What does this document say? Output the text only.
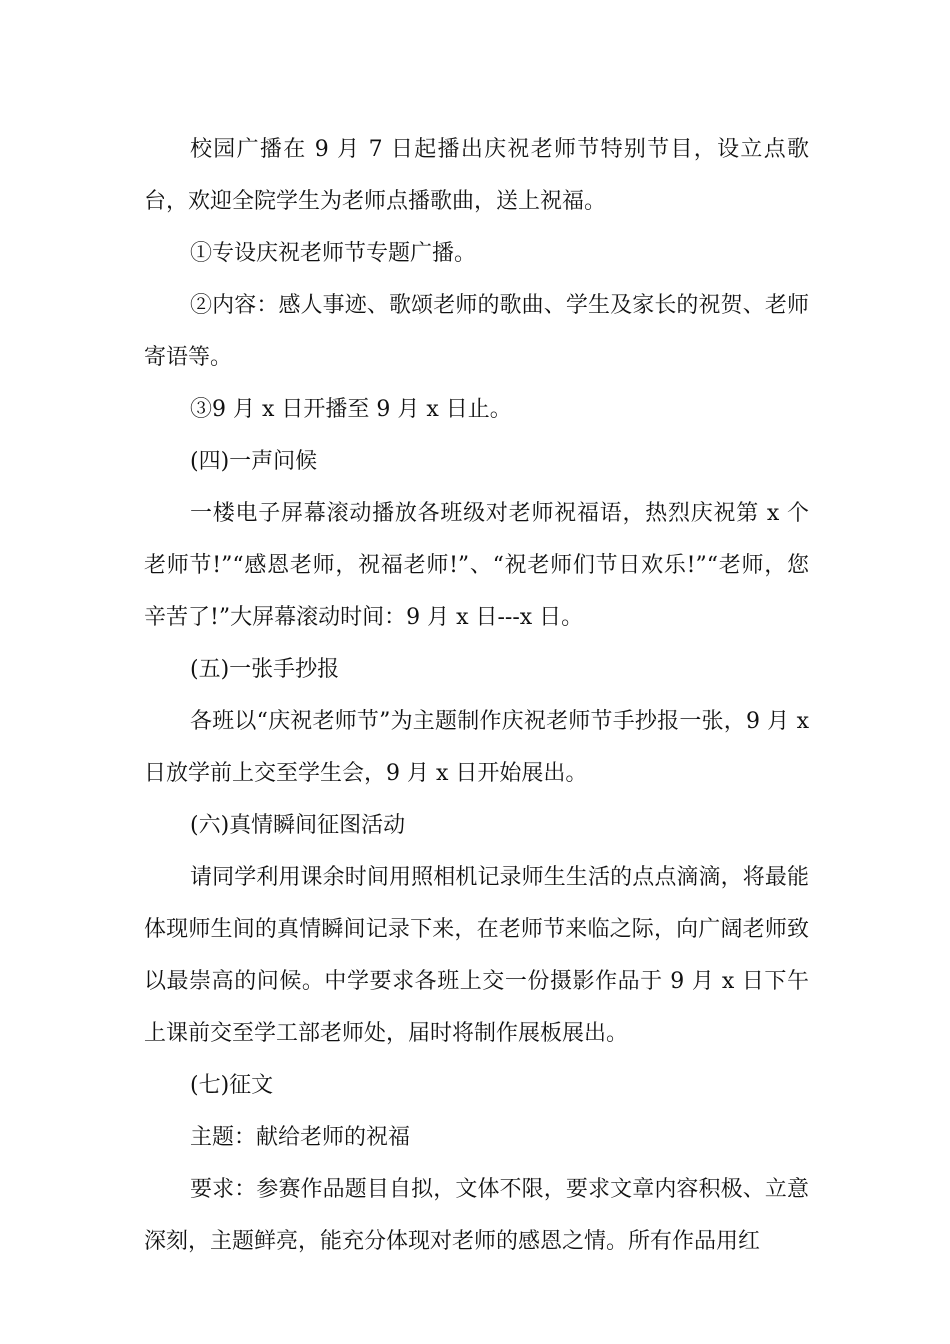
校园广播在 9 月 7 日起播出庆祝老师节特别节目，设立点歌台，欢迎全院学生为老师点播歌曲，送上祝福。

①专设庆祝老师节专题广播。

②内容：感人事迹、歌颂老师的歌曲、学生及家长的祝贺、老师寄语等。

③9 月 x 日开播至 9 月 x 日止。

(四)一声问候

一楼电子屏幕滚动播放各班级对老师祝福语，热烈庆祝第 x 个老师节!”“感恩老师，祝福老师!”、“祝老师们节日欢乐!”“老师，您辛苦了!”大屏幕滚动时间：9 月 x 日---x 日。

(五)一张手抄报

各班以“庆祝老师节”为主题制作庆祝老师节手抄报一张，9 月 x 日放学前上交至学生会，9 月 x 日开始展出。

(六)真情瞬间征图活动

请同学利用课余时间用照相机记录师生生活的点点滴滴，将最能体现师生间的真情瞬间记录下来，在老师节来临之际，向广阔老师致以最崇高的问候。中学要求各班上交一份摄影作品于 9 月 x 日下午上课前交至学工部老师处，届时将制作展板展出。

(七)征文

主题：献给老师的祝福

要求：参赛作品题目自拟，文体不限，要求文章内容积极、立意深刻，主题鲜亮，能充分体现对老师的感恩之情。所有作品用红
